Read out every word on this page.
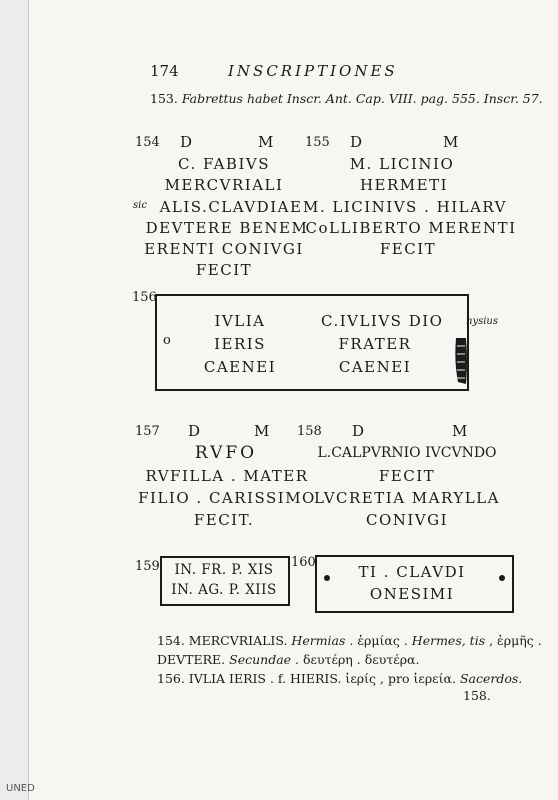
174	INSCRIPTIONES
153. Fabrettus habet Inscr. Ant. Cap. VIII. pag. 555. Inscr. 57.
154 D	M
C. FABIVS
MERCVRIALI
sic ALIS.CLAVDIAE
DEVTERE BENEM
ERENTI CONIVGI
FECIT
155 D	M
M. LICINIO
HERMETI
M. LICINIVS . HILARV
CoLLIBERTO MERENTI
FECIT
156
o
IVLIA
IERIS
CAENEI
C.IVLIVS DIO nysius
FRATER
CAENEI
157 D	M
RVFO
RVFILLA . MATER
FILIO . CARISSIMO
FECIT.
158 D	M
L.CALPVRNIO IVCVNDO
FECIT
LVCRETIA MARYLLA
CONIVGI
159 IN. FR. P. XIS
IN. AG. P. XIIS
160
TI . CLAVDI
ONESIMI
154. MERCVRIALIS. Hermias . ἑρμίας . Hermes, tis , ἑρμῆς .
DEVTERE. Secundae . δευτέρη . δευτέρα.
156. IVLIA IERIS . f. HIERIS. ἱερίς , pro ἱερεία. Sacerdos.
158.
UNED
